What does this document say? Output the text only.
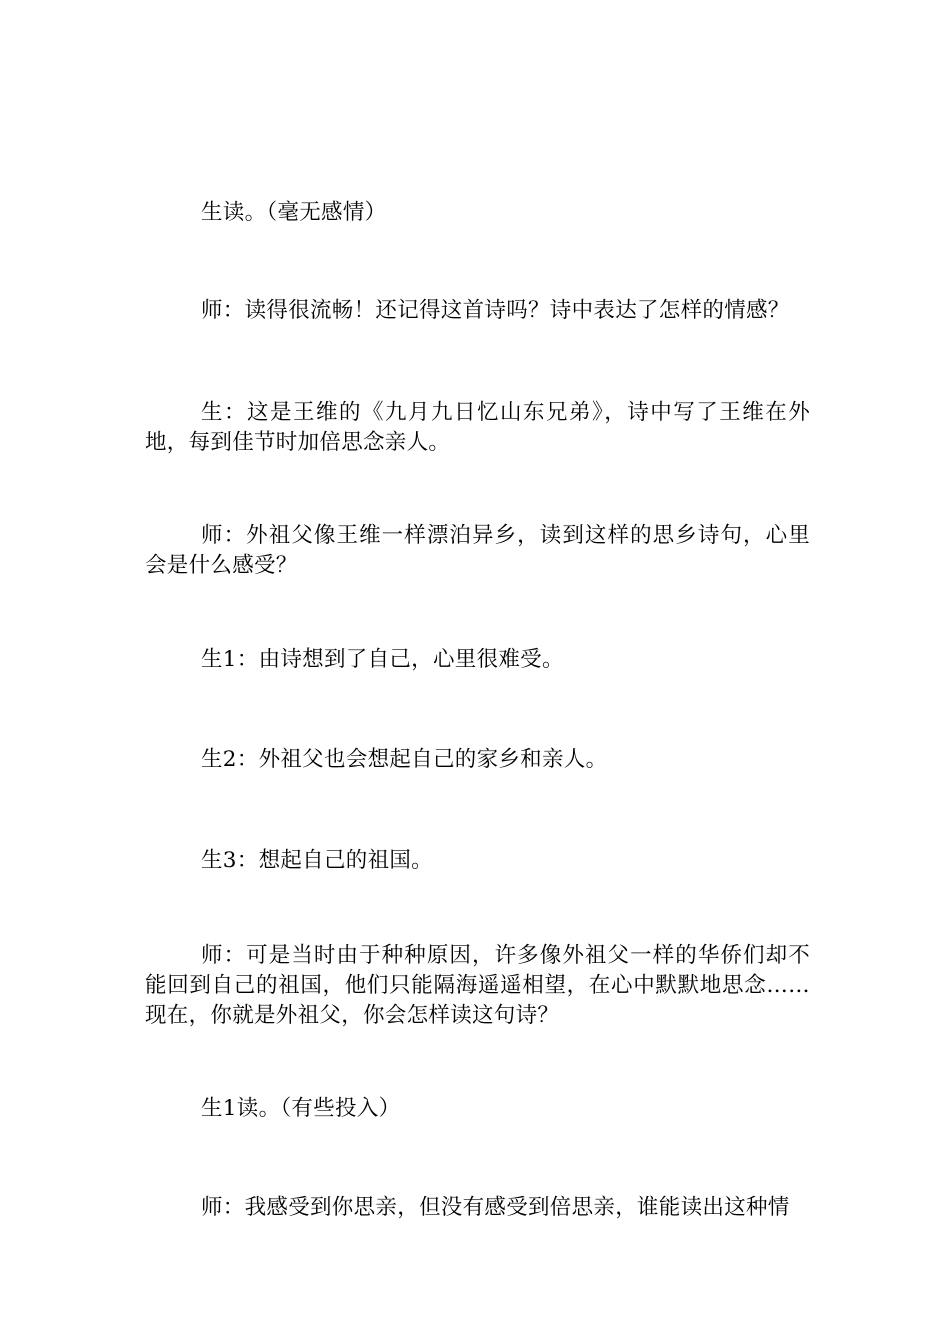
生读。（毫无感情）

师：读得很流畅！还记得这首诗吗？诗中表达了怎样的情感？

生：这是王维的《九月九日忆山东兄弟》，诗中写了王维在外地，每到佳节时加倍思念亲人。

师：外祖父像王维一样漂泊异乡，读到这样的思乡诗句，心里会是什么感受？

生1：由诗想到了自己，心里很难受。

生2：外祖父也会想起自己的家乡和亲人。

生3：想起自己的祖国。

师：可是当时由于种种原因，许多像外祖父一样的华侨们却不能回到自己的祖国，他们只能隔海遥遥相望，在心中默默地思念……现在，你就是外祖父，你会怎样读这句诗？

生1读。（有些投入）

师：我感受到你思亲，但没有感受到倍思亲，谁能读出这种情
